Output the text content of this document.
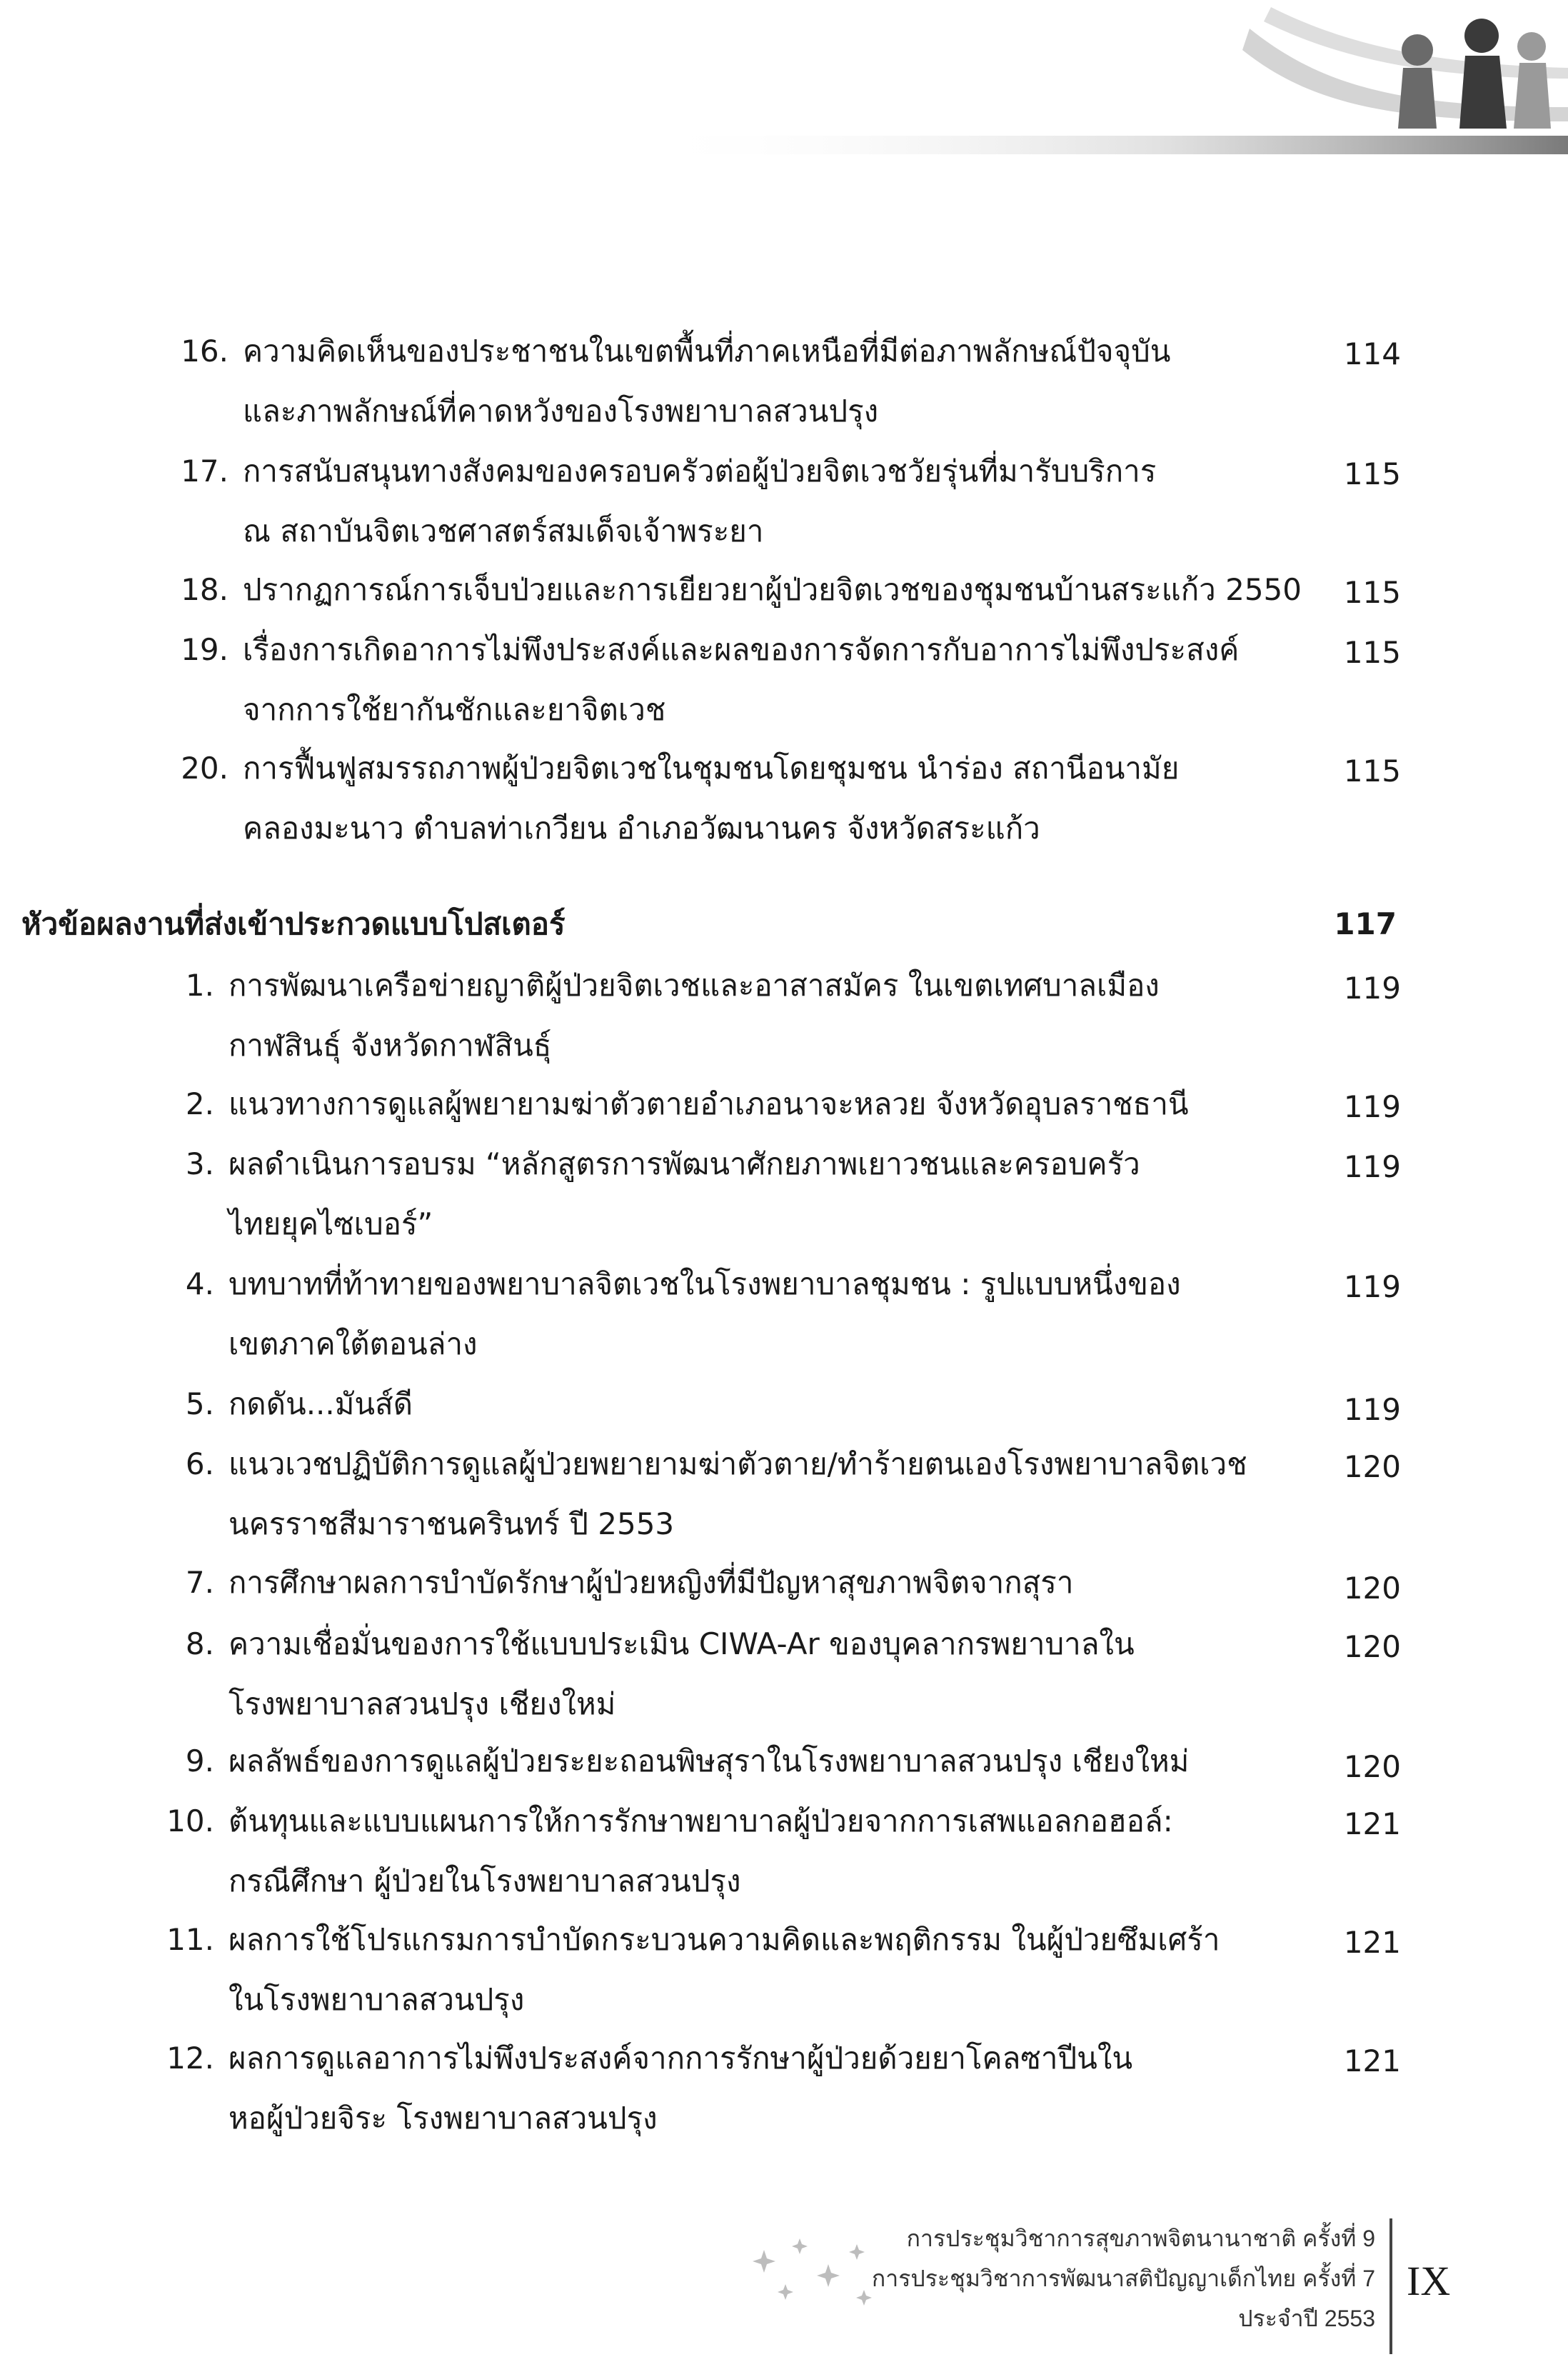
16. ความคิดเห็นของประชาชนในเขตพื้นที่ภาคเหนือที่มีต่อภาพลักษณ์ปัจจุบัน
และภาพลักษณ์ที่คาดหวังของโรงพยาบาลสวนปรุง
114
17. การสนับสนุนทางสังคมของครอบครัวต่อผู้ป่วยจิตเวชวัยรุ่นที่มารับบริการ
ณ สถาบันจิตเวชศาสตร์สมเด็จเจ้าพระยา
115
18. ปรากฏการณ์การเจ็บป่วยและการเยียวยาผู้ป่วยจิตเวชของชุมชนบ้านสระแก้ว 2550 115
19. เรื่องการเกิดอาการไม่พึงประสงค์และผลของการจัดการกับอาการไม่พึงประสงค์
จากการใช้ยากันชักและยาจิตเวช
115
20. การฟื้นฟูสมรรถภาพผู้ป่วยจิตเวชในชุมชนโดยชุมชน นำร่อง สถานีอนามัย
คลองมะนาว ตำบลท่าเกวียน อำเภอวัฒนานคร จังหวัดสระแก้ว
115
หัวข้อผลงานที่ส่งเข้าประกวดแบบโปสเตอร์	117
1. การพัฒนาเครือข่ายญาติผู้ป่วยจิตเวชและอาสาสมัคร ในเขตเทศบาลเมือง
กาฬสินธุ์ จังหวัดกาฬสินธุ์
119
2. แนวทางการดูแลผู้พยายามฆ่าตัวตายอำเภอนาจะหลวย จังหวัดอุบลราชธานี	119
3. ผลดำเนินการอบรม “หลักสูตรการพัฒนาศักยภาพเยาวชนและครอบครัว
ไทยยุคไซเบอร์”
119
4. บทบาทที่ท้าทายของพยาบาลจิตเวชในโรงพยาบาลชุมชน : รูปแบบหนึ่งของ
เขตภาคใต้ตอนล่าง
119
5. กดดัน...มันส์ดี	119
6. แนวเวชปฏิบัติการดูแลผู้ป่วยพยายามฆ่าตัวตาย/ทำร้ายตนเองโรงพยาบาลจิตเวช
นครราชสีมาราชนครินทร์ ปี 2553
120
7. การศึกษาผลการบำบัดรักษาผู้ป่วยหญิงที่มีปัญหาสุขภาพจิตจากสุรา	120
8. ความเชื่อมั่นของการใช้แบบประเมิน CIWA-Ar ของบุคลากรพยาบาลใน
โรงพยาบาลสวนปรุง เชียงใหม่
120
9. ผลลัพธ์ของการดูแลผู้ป่วยระยะถอนพิษสุราในโรงพยาบาลสวนปรุง เชียงใหม่	120
10. ต้นทุนและแบบแผนการให้การรักษาพยาบาลผู้ป่วยจากการเสพแอลกอฮอล์:
กรณีศึกษา ผู้ป่วยในโรงพยาบาลสวนปรุง
121
11. ผลการใช้โปรแกรมการบำบัดกระบวนความคิดและพฤติกรรม ในผู้ป่วยซึมเศร้า
ในโรงพยาบาลสวนปรุง
121
12. ผลการดูแลอาการไม่พึงประสงค์จากการรักษาผู้ป่วยด้วยยาโคลซาปีนใน
หอผู้ป่วยจิระ โรงพยาบาลสวนปรุง
121
การประชุมวิชาการสุขภาพจิตนานาชาติ ครั้งที่ 9
การประชุมวิชาการพัฒนาสติปัญญาเด็กไทย ครั้งที่ 7
ประจำปี 2553
IX
